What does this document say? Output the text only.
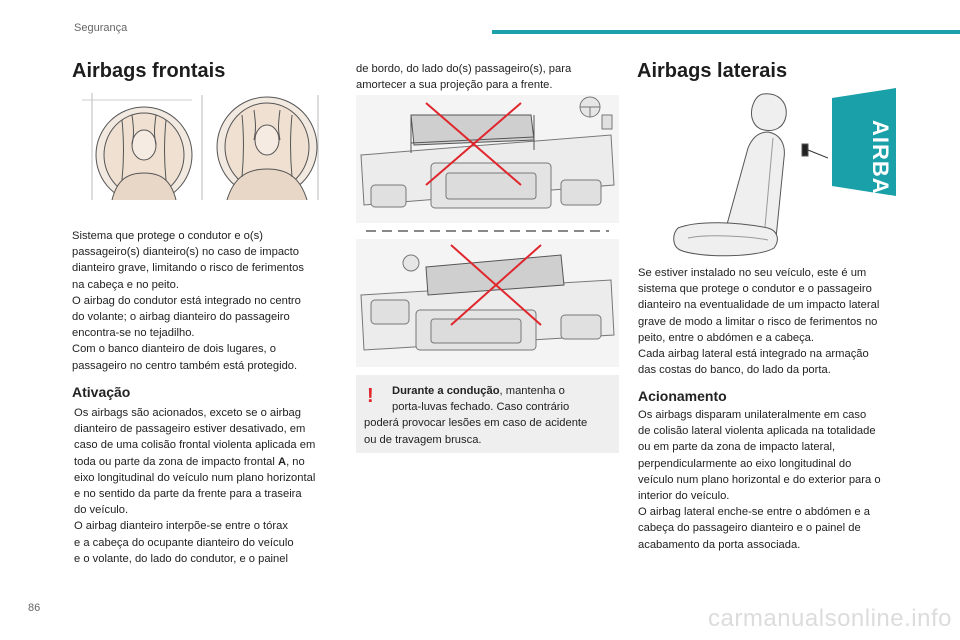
Segurança
Airbags frontais

Sistema que protege o condutor e o(s)

passageiro(s) dianteiro(s) no caso de impacto

dianteiro grave, limitando o risco de ferimentos

na cabeça e no peito.

O airbag do condutor está integrado no centro

do volante; o airbag dianteiro do passageiro

encontra-se no tejadilho.

Com o banco dianteiro de dois lugares, o

passageiro no centro também está protegido.

Ativação

Os airbags são acionados, exceto se o airbag

dianteiro de passageiro estiver desativado, em

caso de uma colisão frontal violenta aplicada em

toda ou parte da zona de impacto frontal A, no

eixo longitudinal do veículo num plano horizontal

e no sentido da parte da frente para a traseira

do veículo.

O airbag dianteiro interpõe-se entre o tórax

e a cabeça do ocupante dianteiro do veículo

e o volante, do lado do condutor, e o painel

de bordo, do lado do(s) passageiro(s), para

amortecer a sua projeção para a frente.

!	Durante a condução, mantenha o
porta-luvas fechado. Caso contrário
poderá provocar lesões em caso de acidente
ou de travagem brusca.
Airbags laterais
AIRBAG

Se estiver instalado no seu veículo, este é um

sistema que protege o condutor e o passageiro

dianteiro na eventualidade de um impacto lateral

grave de modo a limitar o risco de ferimentos no

peito, entre o abdómen e a cabeça.

Cada airbag lateral está integrado na armação

das costas do banco, do lado da porta.

Acionamento

Os airbags disparam unilateralmente em caso

de colisão lateral violenta aplicada na totalidade

ou em parte da zona de impacto lateral,

perpendicularmente ao eixo longitudinal do

veículo num plano horizontal e do exterior para o

interior do veículo.

O airbag lateral enche-se entre o abdómen e a

cabeça do passageiro dianteiro e o painel de

acabamento da porta associada.

86	carmanualsonline.info
